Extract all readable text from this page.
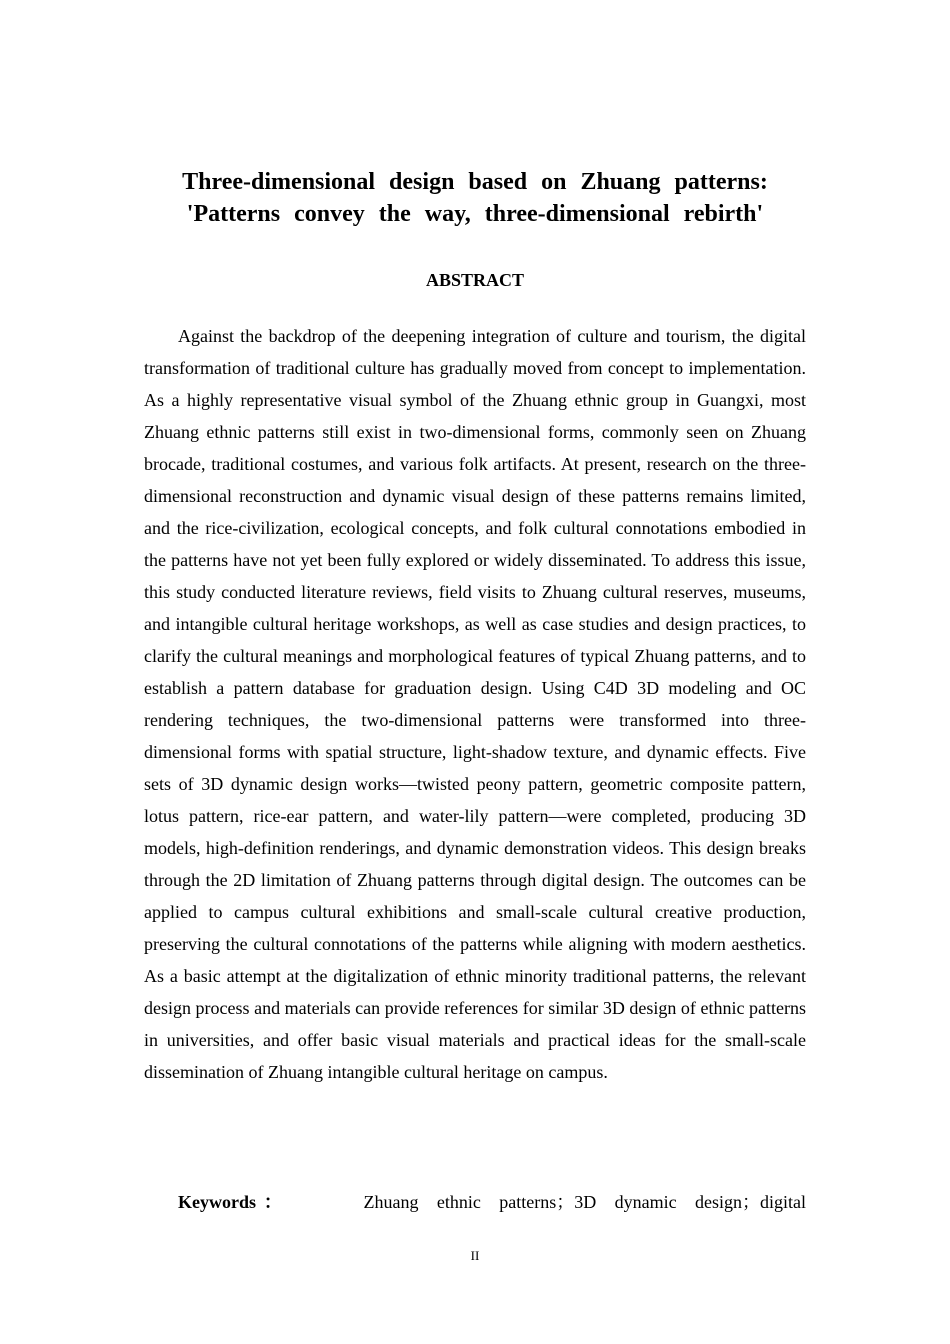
Three-dimensional design based on Zhuang patterns:
'Patterns convey the way, three-dimensional rebirth'
ABSTRACT

Against the backdrop of the deepening integration of culture and tourism, the digital transformation of traditional culture has gradually moved from concept to implementation. As a highly representative visual symbol of the Zhuang ethnic group in Guangxi, most Zhuang ethnic patterns still exist in two-dimensional forms, commonly seen on Zhuang brocade, traditional costumes, and various folk artifacts. At present, research on the three-dimensional reconstruction and dynamic visual design of these patterns remains limited, and the rice-civilization, ecological concepts, and folk cultural connotations embodied in the patterns have not yet been fully explored or widely disseminated. To address this issue, this study conducted literature reviews, field visits to Zhuang cultural reserves, museums, and intangible cultural heritage workshops, as well as case studies and design practices, to clarify the cultural meanings and morphological features of typical Zhuang patterns, and to establish a pattern database for graduation design. Using C4D 3D modeling and OC rendering techniques, the two-dimensional patterns were transformed into three-dimensional forms with spatial structure, light-shadow texture, and dynamic effects. Five sets of 3D dynamic design works—twisted peony pattern, geometric composite pattern, lotus pattern, rice-ear pattern, and water-lily pattern—were completed, producing 3D models, high-definition renderings, and dynamic demonstration videos. This design breaks through the 2D limitation of Zhuang patterns through digital design. The outcomes can be applied to campus cultural exhibitions and small-scale cultural creative production, preserving the cultural connotations of the patterns while aligning with modern aesthetics. As a basic attempt at the digitalization of ethnic minority traditional patterns, the relevant design process and materials can provide references for similar 3D design of ethnic patterns in universities, and offer basic visual materials and practical ideas for the small-scale dissemination of Zhuang intangible cultural heritage on campus.

Keywords：	Zhuang ethnic patterns；3D dynamic design；digital

II
